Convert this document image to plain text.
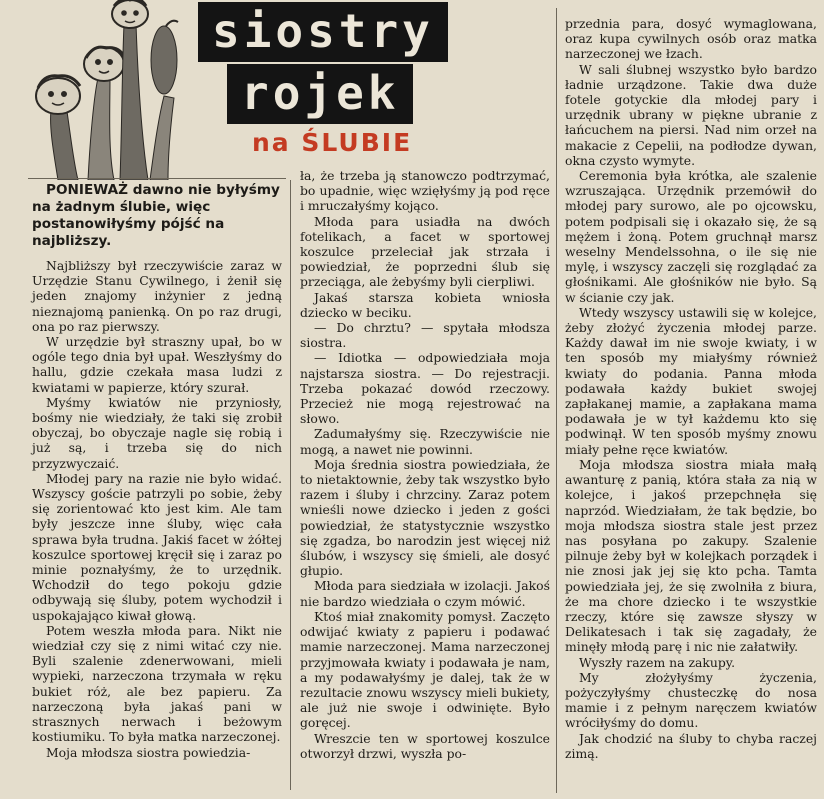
siostry
rojek
na ŚLUBIE

PONIEWAŻ dawno nie byłyśmy na żadnym ślubie, więc postanowiłyśmy pójść na najbliższy.

Najbliższy był rzeczywiście zaraz w Urzędzie Stanu Cywilnego, i żenił się jeden znajomy inżynier z jedną nieznajomą panienką. On po raz drugi, ona po raz pierwszy.

W urzędzie był straszny upał, bo w ogóle tego dnia był upał. Weszłyśmy do hallu, gdzie czekała masa ludzi z kwiatami w papierze, który szurał.

Myśmy kwiatów nie przyniosły, bośmy nie wiedziały, że taki się zrobił obyczaj, bo obyczaje nagle się robią i już są, i trzeba się do nich przyzwyczaić.

Młodej pary na razie nie było widać. Wszyscy goście patrzyli po sobie, żeby się zorientować kto jest kim. Ale tam były jeszcze inne śluby, więc cała sprawa była trudna. Jakiś facet w żółtej koszulce sportowej kręcił się i zaraz po minie poznałyśmy, że to urzędnik. Wchodził do tego pokoju gdzie odbywają się śluby, potem wychodził i uspokajająco kiwał głową.

Potem weszła młoda para. Nikt nie wiedział czy się z nimi witać czy nie. Byli szalenie zdenerwowani, mieli wypieki, narzeczona trzymała w ręku bukiet róż, ale bez papieru. Za narzeczoną była jakaś pani w strasznych nerwach i beżowym kostiumiku. To była matka narzeczonej.

Moja młodsza siostra powiedzia-

ła, że trzeba ją stanowczo podtrzymać, bo upadnie, więc wzięłyśmy ją pod ręce i mruczałyśmy kojąco.

Młoda para usiadła na dwóch fotelikach, a facet w sportowej koszulce przeleciał jak strzała i powiedział, że poprzedni ślub się przeciąga, ale żebyśmy byli cierpliwi.

Jakaś starsza kobieta wniosła dziecko w beciku.

— Do chrztu? — spytała młodsza siostra.

— Idiotka — odpowiedziała moja najstarsza siostra. — Do rejestracji. Trzeba pokazać dowód rzeczowy. Przecież nie mogą rejestrować na słowo.

Zadumałyśmy się. Rzeczywiście nie mogą, a nawet nie powinni.

Moja średnia siostra powiedziała, że to nietaktownie, żeby tak wszystko było razem i śluby i chrzciny. Zaraz potem wnieśli nowe dziecko i jeden z gości powiedział, że statystycznie wszystko się zgadza, bo narodzin jest więcej niż ślubów, i wszyscy się śmieli, ale dosyć głupio.

Młoda para siedziała w izolacji. Jakoś nie bardzo wiedziała o czym mówić.

Ktoś miał znakomity pomysł. Zaczęto odwijać kwiaty z papieru i podawać mamie narzeczonej. Mama narzeczonej przyjmowała kwiaty i podawała je nam, a my podawałyśmy je dalej, tak że w rezultacie znowu wszyscy mieli bukiety, ale już nie swoje i odwinięte. Było goręcej.

Wreszcie ten w sportowej koszulce otworzył drzwi, wyszła po-

przednia para, dosyć wymaglowana, oraz kupa cywilnych osób oraz matka narzeczonej we łzach.

W sali ślubnej wszystko było bardzo ładnie urządzone. Takie dwa duże fotele gotyckie dla młodej pary i urzędnik ubrany w piękne ubranie z łańcuchem na piersi. Nad nim orzeł na makacie z Cepelii, na podłodze dywan, okna czysto wymyte.

Ceremonia była krótka, ale szalenie wzruszająca. Urzędnik przemówił do młodej pary surowo, ale po ojcowsku, potem podpisali się i okazało się, że są mężem i żoną. Potem gruchnął marsz weselny Mendelssohna, o ile się nie mylę, i wszyscy zaczęli się rozglądać za głośnikami. Ale głośników nie było. Są w ścianie czy jak.

Wtedy wszyscy ustawili się w kolejce, żeby złożyć życzenia młodej parze. Każdy dawał im nie swoje kwiaty, i w ten sposób my miałyśmy również kwiaty do podania. Panna młoda podawała każdy bukiet swojej zapłakanej mamie, a zapłakana mama podawała je w tył każdemu kto się podwinął. W ten sposób myśmy znowu miały pełne ręce kwiatów.

Moja młodsza siostra miała małą awanturę z panią, która stała za nią w kolejce, i jakoś przepchnęła się naprzód. Wiedziałam, że tak będzie, bo moja młodsza siostra stale jest przez nas posyłana po zakupy. Szalenie pilnuje żeby był w kolejkach porządek i nie znosi jak jej się kto pcha. Tamta powiedziała jej, że się zwolniła z biura, że ma chore dziecko i te wszystkie rzeczy, które się zawsze słyszy w Delikatesach i tak się zagadały, że minęły młodą parę i nic nie załatwiły.

Wyszły razem na zakupy.

My złożyłyśmy życzenia, pożyczyłyśmy chusteczkę do nosa mamie i z pełnym naręczem kwiatów wróciłyśmy do domu.

Jak chodzić na śluby to chyba raczej zimą.
